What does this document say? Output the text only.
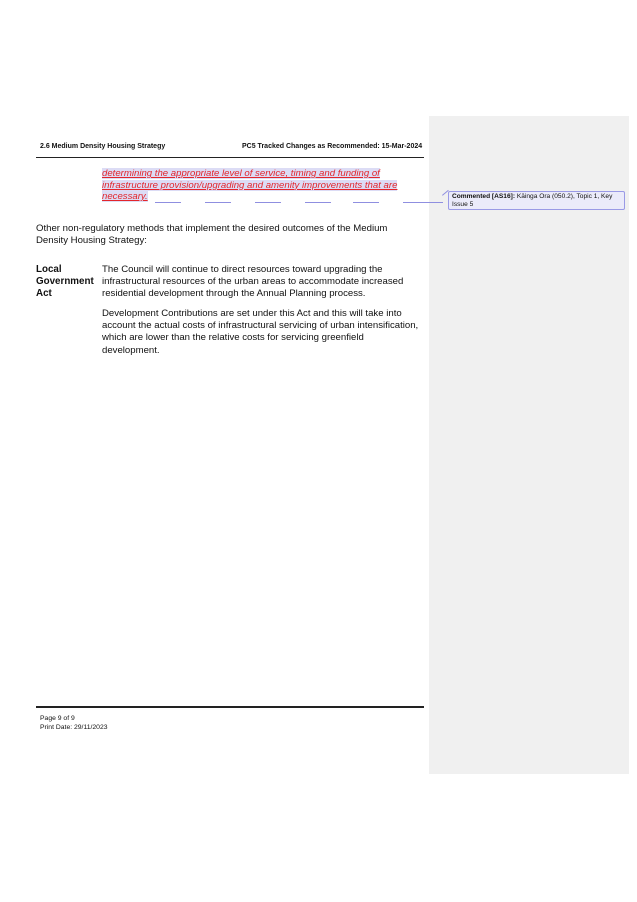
2.6 Medium Density Housing Strategy	PC5 Tracked Changes as Recommended: 15-Mar-2024
determining the appropriate level of service, timing and funding of
infrastructure provision/upgrading and amenity improvements that are
necessary.	Commented [AS16]: Kāinga Ora (050.2), Topic 1, Key Issue 5
Other non-regulatory methods that implement the desired outcomes of the Medium Density Housing Strategy:
Local Government Act
The Council will continue to direct resources toward upgrading the infrastructural resources of the urban areas to accommodate increased residential development through the Annual Planning process.
Development Contributions are set under this Act and this will take into account the actual costs of infrastructural servicing of urban intensification, which are lower than the relative costs for servicing greenfield development.
Page 9 of 9
Print Date: 29/11/2023
